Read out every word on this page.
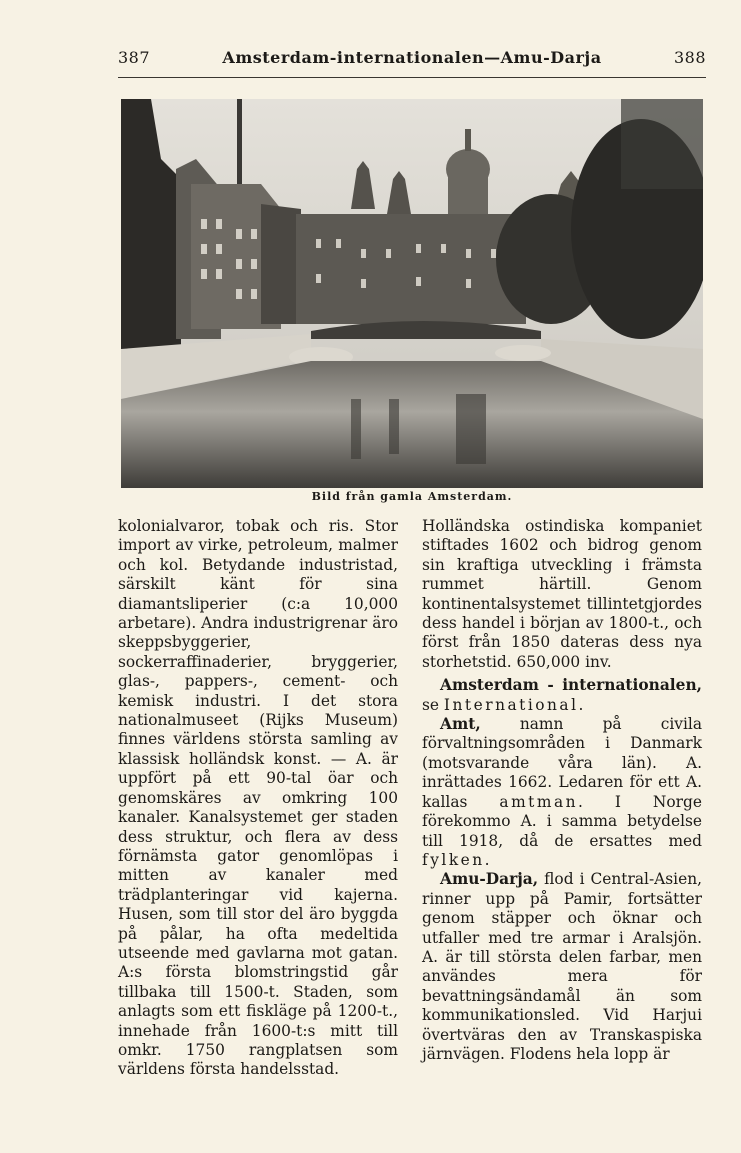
387	Amsterdam-internationalen—Amu-Darja	388
Bild från gamla Amsterdam.

kolonialvaror, tobak och ris. Stor import av virke, petroleum, malmer och kol. Betydande industristad, särskilt känt för sina diamantsliperier (c:a 10,000 arbetare). Andra industrigrenar äro skeppsbyggerier, sockerraffinaderier, bryggerier, glas-, pappers-, cement- och kemisk industri. I det stora nationalmuseet (Rijks Museum) finnes världens största samling av klassisk holländsk konst. — A. är uppfört på ett 90-tal öar och genomskäres av omkring 100 kanaler. Kanalsystemet ger staden dess struktur, och flera av dess förnämsta gator genomlöpas i mitten av kanaler med trädplanteringar vid kajerna. Husen, som till stor del äro byggda på pålar, ha ofta medeltida utseende med gavlarna mot gatan. A:s första blomstringstid går tillbaka till 1500-t. Staden, som anlagts som ett fiskläge på 1200-t., innehade från 1600-t:s mitt till omkr. 1750 rangplatsen som världens första handelsstad.

Holländska ostindiska kompaniet stiftades 1602 och bidrog genom sin kraftiga utveckling i främsta rummet härtill. Genom kontinentalsystemet tillintetgjordes dess handel i början av 1800-t., och först från 1850 dateras dess nya storhetstid. 650,000 inv.

Amsterdam - internationalen, se International.

Amt, namn på civila förvaltningsområden i Danmark (motsvarande våra län). A. inrättades 1662. Ledaren för ett A. kallas amtman. I Norge förekommo A. i samma betydelse till 1918, då de ersattes med fylken.

Amu-Darja, flod i Central-Asien, rinner upp på Pamir, fortsätter genom stäpper och öknar och utfaller med tre armar i Aralsjön. A. är till största delen farbar, men användes mera för bevattningsändamål än som kommunikationsled. Vid Harjui övertväras den av Transkaspiska järnvägen. Flodens hela lopp är
